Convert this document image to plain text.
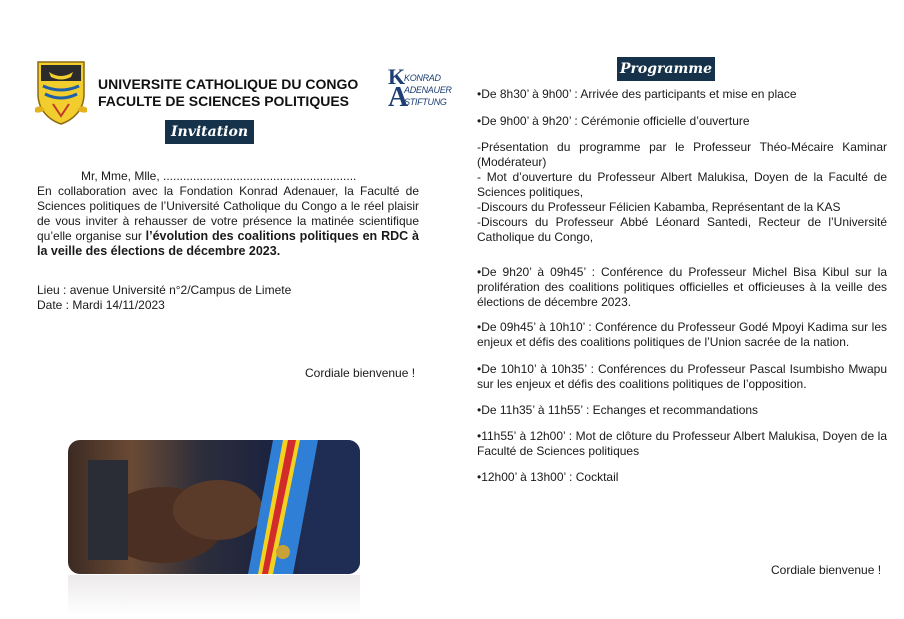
UNIVERSITE CATHOLIQUE DU CONGO
FACULTE DE SCIENCES POLITIQUES
K
A
KONRAD
ADENAUER
STIFTUNG
Invitation
Mr, Mme, Mlle, ..........................................................
En collaboration avec la Fondation Konrad Adenauer, la Faculté de Sciences politiques de l’Université Catholique du Congo a le réel plaisir de vous inviter à rehausser de votre présence la matinée scientifique qu’elle organise sur l’évolution des coalitions politiques en RDC à la veille des élections de décembre 2023.
Lieu : avenue Université n°2/Campus de Limete
Date : Mardi 14/11/2023
Cordiale bienvenue !
Programme

•De 8h30’ à 9h00’ : Arrivée des participants et mise en place

•De 9h00’ à 9h20’ : Cérémonie officielle d’ouverture

-Présentation du programme par le Professeur Théo-Mécaire Kaminar (Modérateur)

- Mot d’ouverture du Professeur Albert Malukisa, Doyen de la Faculté de Sciences politiques,

-Discours du Professeur Félicien Kabamba, Représentant de la KAS

-Discours du Professeur Abbé Léonard Santedi, Recteur de l’Université Catholique du Congo,

•De 9h20’ à 09h45’ : Conférence du Professeur Michel Bisa Kibul sur la prolifération des coalitions politiques officielles et officieuses à la veille des élections de décembre 2023.

•De 09h45’ à 10h10’ : Conférence du Professeur Godé Mpoyi Kadima sur les enjeux et défis des coalitions politiques de l’Union sacrée de la nation.

•De 10h10’ à 10h35’ : Conférences du Professeur Pascal Isumbisho Mwapu sur les enjeux et défis des coalitions politiques de l’opposition.

•De 11h35’ à 11h55’ : Echanges et recommandations

•11h55’ à 12h00’ : Mot de clôture du Professeur Albert Malukisa, Doyen de la Faculté de Sciences politiques

•12h00’ à 13h00’ : Cocktail

Cordiale bienvenue !
